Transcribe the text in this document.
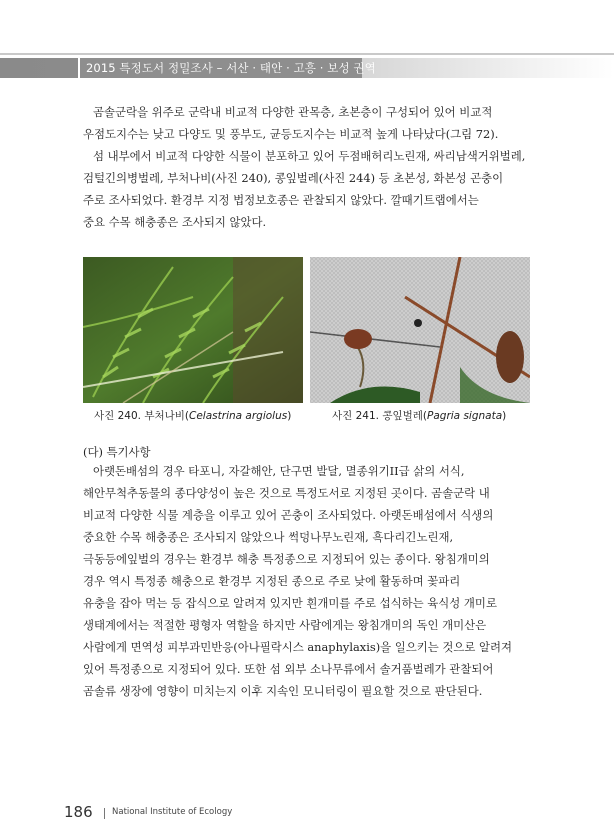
2015 특정도서 정밀조사 – 서산 · 태안 · 고흥 · 보성 권역
곰솔군락을 위주로 군락내 비교적 다양한 관목층, 초본층이 구성되어 있어 비교적
우점도지수는 낮고 다양도 및 풍부도, 균등도지수는 비교적 높게 나타났다(그림 72).
섬 내부에서 비교적 다양한 식물이 분포하고 있어 두점배허리노린재, 싸리남색거위벌레,
검털긴의병벌레, 부처나비(사진 240), 콩잎벌레(사진 244) 등 초본성, 화본성 곤충이
주로 조사되었다. 환경부 지정 법정보호종은 관찰되지 않았다. 깔때기트랩에서는
중요 수목 해충종은 조사되지 않았다.
사진 240. 부처나비(Celastrina argiolus)	사진 241. 콩잎벌레(Pagria signata)
(다) 특기사항
아랫돈배섬의 경우 타포니, 자갈해안, 단구면 발달, 멸종위기II급 삵의 서식,
해안무척추동물의 종다양성이 높은 것으로 특정도서로 지정된 곳이다. 곰솔군락 내
비교적 다양한 식물 계층을 이루고 있어 곤충이 조사되었다. 아랫돈배섬에서 식생의
중요한 수목 해충종은 조사되지 않았으나 썩덩나무노린재, 흑다리긴노린재,
극동등에잎벌의 경우는 환경부 해충 특정종으로 지정되어 있는 종이다. 왕침개미의
경우 역시 특정종 해충으로 환경부 지정된 종으로 주로 낮에 활동하며 꽃파리
유충을 잡아 먹는 등 잡식으로 알려져 있지만 흰개미를 주로 섭식하는 육식성 개미로
생태계에서는 적절한 평형자 역할을 하지만 사람에게는 왕침개미의 독인 개미산은
사람에게 면역성 피부과민반응(아나필락시스 anaphylaxis)을 일으키는 것으로 알려져
있어 특정종으로 지정되어 있다. 또한 섬 외부 소나무류에서 솔거품벌레가 관찰되어
곰솔류 생장에 영향이 미치는지 이후 지속인 모니터링이 필요할 것으로 판단된다.
186 National Institute of Ecology
